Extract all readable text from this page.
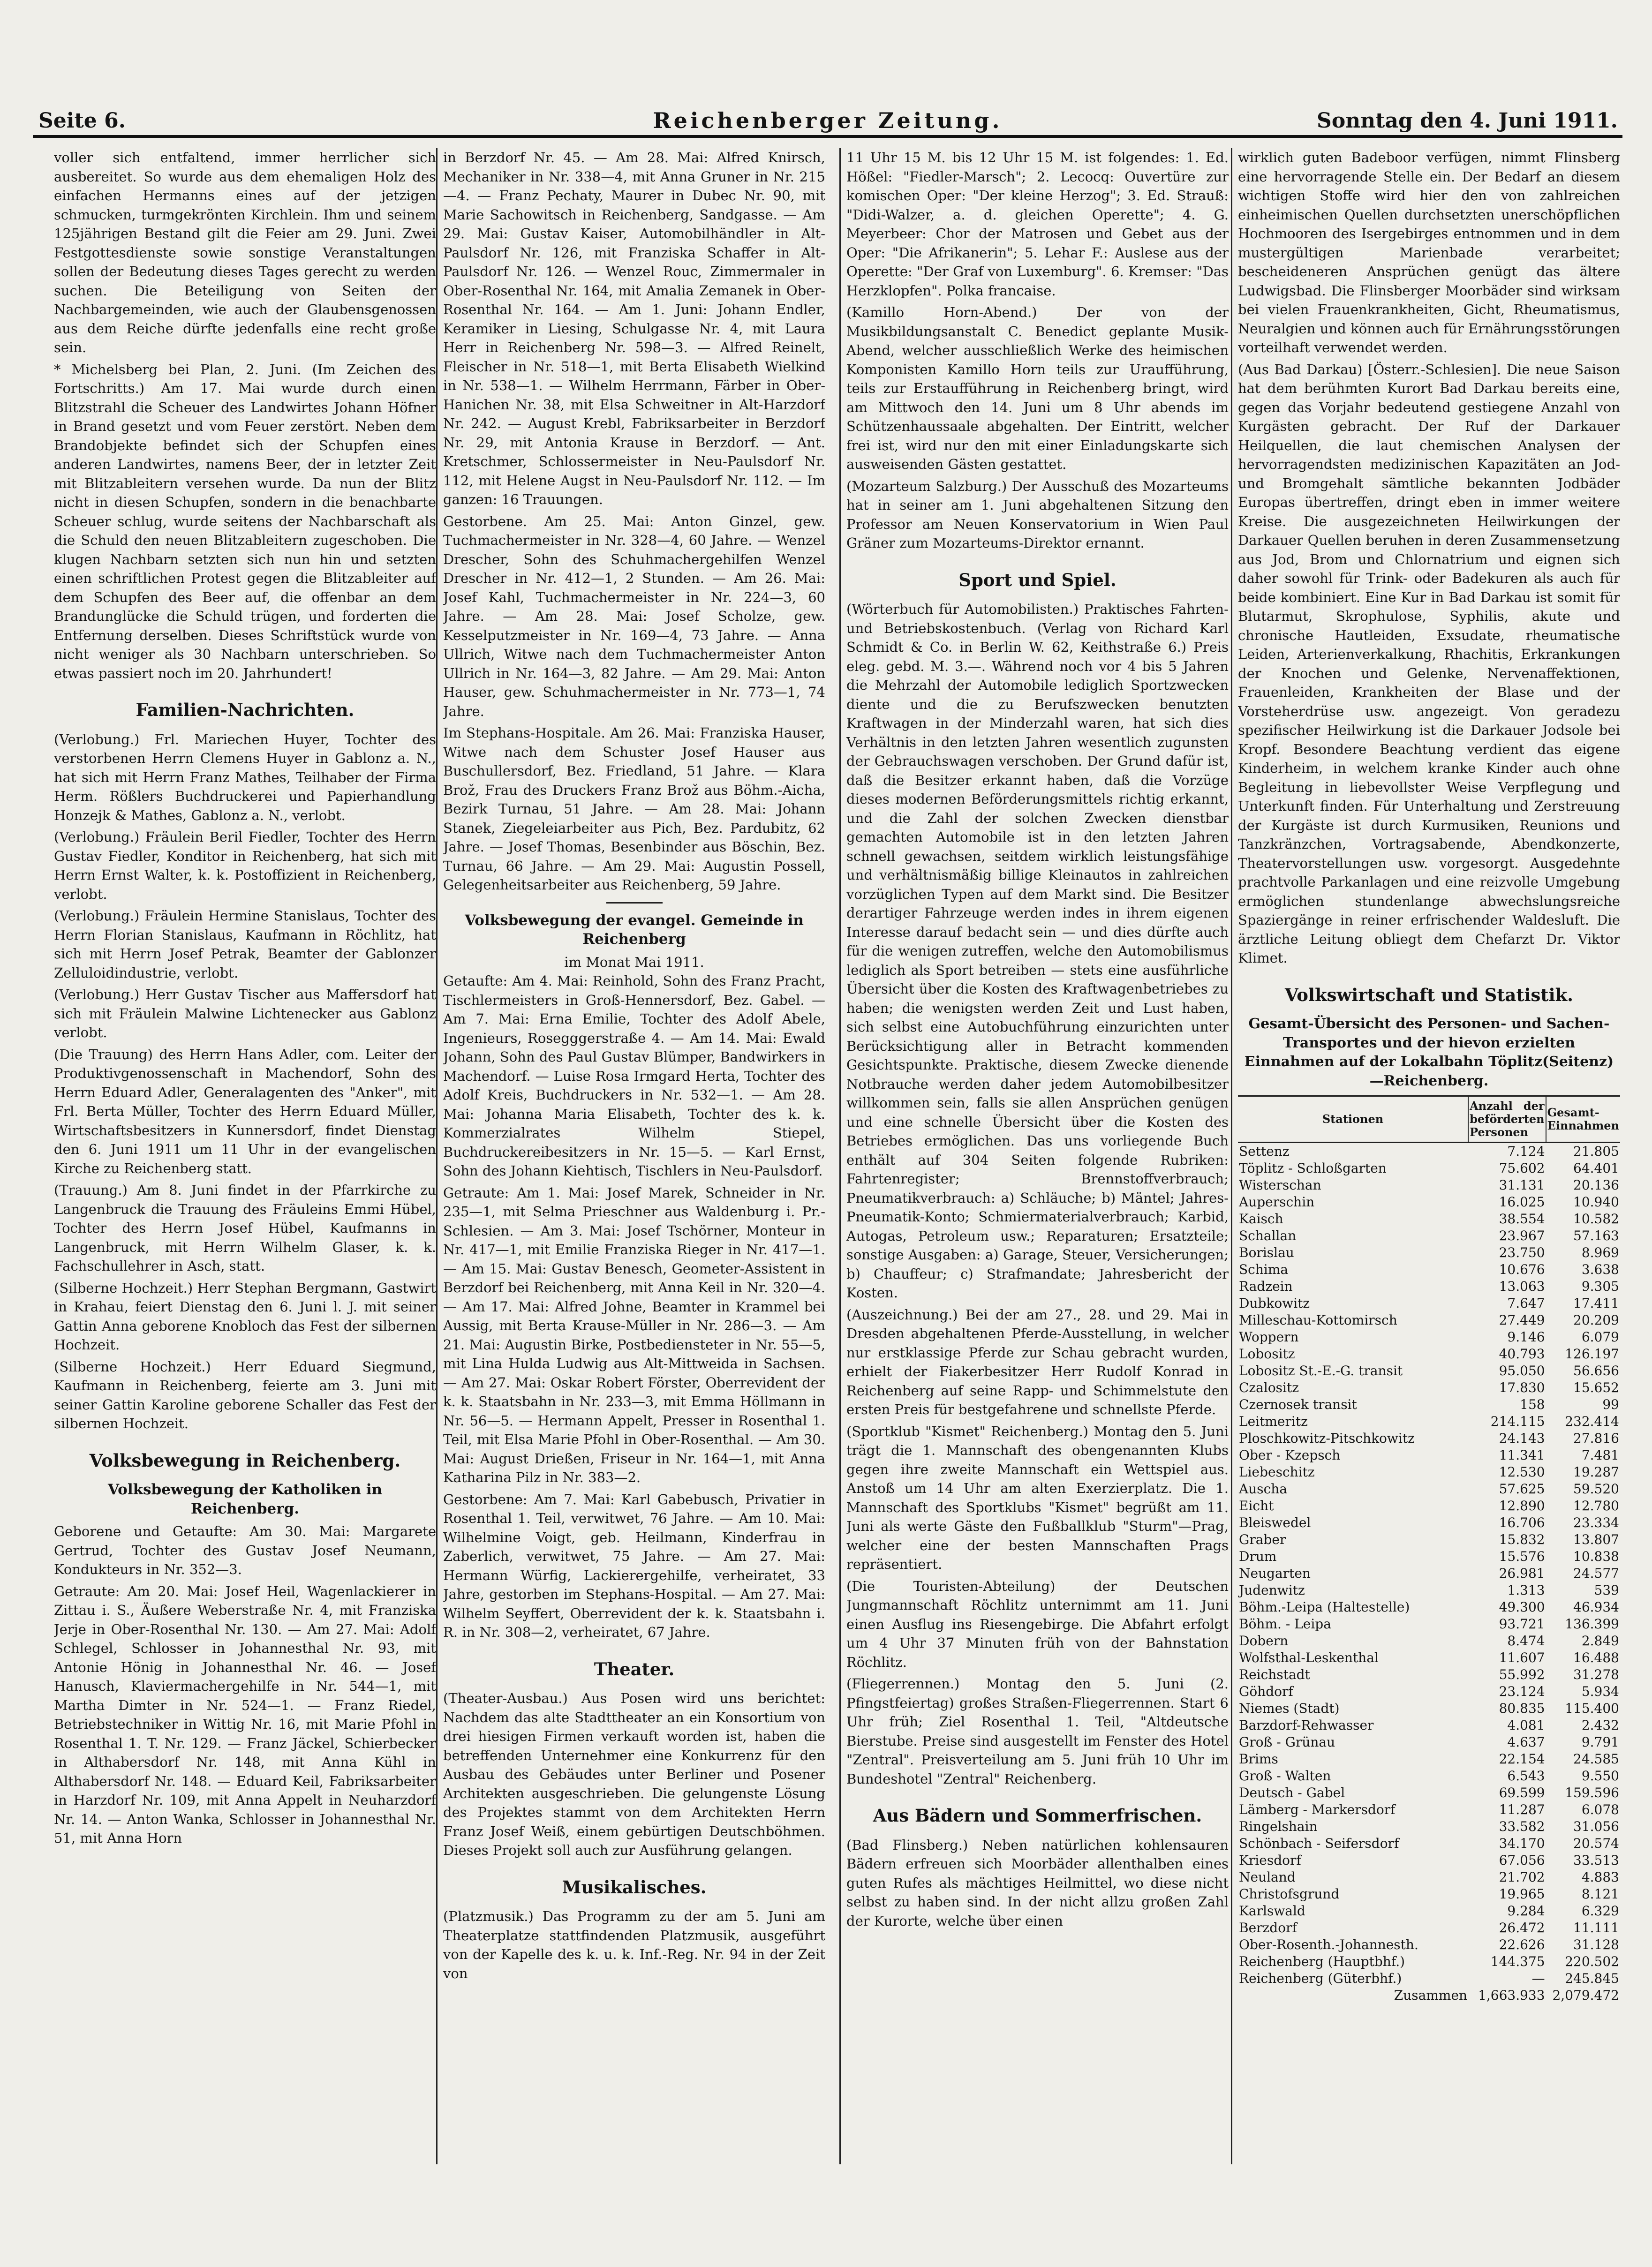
Seite 6.	Reichenberger Zeitung.	Sonntag den 4. Juni 1911.

voller sich entfaltend, immer herrlicher sich ausbereitet. So wurde aus dem ehemaligen Holz des einfachen Hermanns eines auf der jetzigen schmucken, turmgekrönten Kirchlein. Ihm und seinem 125jährigen Bestand gilt die Feier am 29. Juni. Zwei Festgottesdienste sowie sonstige Veranstaltungen sollen der Bedeutung dieses Tages gerecht zu werden suchen. Die Beteiligung von Seiten der Nachbargemeinden, wie auch der Glaubensgenossen aus dem Reiche dürfte jedenfalls eine recht große sein.

* Michelsberg bei Plan, 2. Juni. (Im Zeichen des Fortschritts.) Am 17. Mai wurde durch einen Blitzstrahl die Scheuer des Landwirtes Johann Höfner in Brand gesetzt und vom Feuer zerstört. Neben dem Brandobjekte befindet sich der Schupfen eines anderen Landwirtes, namens Beer, der in letzter Zeit mit Blitzableitern versehen wurde. Da nun der Blitz nicht in diesen Schupfen, sondern in die benachbarte Scheuer schlug, wurde seitens der Nachbarschaft als die Schuld den neuen Blitzableitern zugeschoben. Die klugen Nachbarn setzten sich nun hin und setzten einen schriftlichen Protest gegen die Blitzableiter auf dem Schupfen des Beer auf, die offenbar an dem Brandunglücke die Schuld trügen, und forderten die Entfernung derselben. Dieses Schriftstück wurde von nicht weniger als 30 Nachbarn unterschrieben. So etwas passiert noch im 20. Jahrhundert!

Familien-Nachrichten.

(Verlobung.) Frl. Mariechen Huyer, Tochter des verstorbenen Herrn Clemens Huyer in Gablonz a. N., hat sich mit Herrn Franz Mathes, Teilhaber der Firma Herm. Rößlers Buchdruckerei und Papierhandlung Honzejk & Mathes, Gablonz a. N., verlobt.

(Verlobung.) Fräulein Beril Fiedler, Tochter des Herrn Gustav Fiedler, Konditor in Reichenberg, hat sich mit Herrn Ernst Walter, k. k. Postoffizient in Reichenberg, verlobt.

(Verlobung.) Fräulein Hermine Stanislaus, Tochter des Herrn Florian Stanislaus, Kaufmann in Röchlitz, hat sich mit Herrn Josef Petrak, Beamter der Gablonzer Zelluloidindustrie, verlobt.

(Verlobung.) Herr Gustav Tischer aus Maffersdorf hat sich mit Fräulein Malwine Lichtenecker aus Gablonz verlobt.

(Die Trauung) des Herrn Hans Adler, com. Leiter der Produktivgenossenschaft in Machendorf, Sohn des Herrn Eduard Adler, Generalagenten des "Anker", mit Frl. Berta Müller, Tochter des Herrn Eduard Müller, Wirtschaftsbesitzers in Kunnersdorf, findet Dienstag den 6. Juni 1911 um 11 Uhr in der evangelischen Kirche zu Reichenberg statt.

(Trauung.) Am 8. Juni findet in der Pfarrkirche zu Langenbruck die Trauung des Fräuleins Emmi Hübel, Tochter des Herrn Josef Hübel, Kaufmanns in Langenbruck, mit Herrn Wilhelm Glaser, k. k. Fachschullehrer in Asch, statt.

(Silberne Hochzeit.) Herr Stephan Bergmann, Gastwirt in Krahau, feiert Dienstag den 6. Juni l. J. mit seiner Gattin Anna geborene Knobloch das Fest der silbernen Hochzeit.

(Silberne Hochzeit.) Herr Eduard Siegmund, Kaufmann in Reichenberg, feierte am 3. Juni mit seiner Gattin Karoline geborene Schaller das Fest der silbernen Hochzeit.

Volksbewegung in Reichenberg.
Volksbewegung der Katholiken in Reichenberg.

Geborene und Getaufte: Am 30. Mai: Margarete Gertrud, Tochter des Gustav Josef Neumann, Kondukteurs in Nr. 352—3.

Getraute: Am 20. Mai: Josef Heil, Wagenlackierer in Zittau i. S., Äußere Weberstraße Nr. 4, mit Franziska Jerje in Ober-Rosenthal Nr. 130. — Am 27. Mai: Adolf Schlegel, Schlosser in Johannesthal Nr. 93, mit Antonie Hönig in Johannesthal Nr. 46. — Josef Hanusch, Klaviermachergehilfe in Nr. 544—1, mit Martha Dimter in Nr. 524—1. — Franz Riedel, Betriebstechniker in Wittig Nr. 16, mit Marie Pfohl in Rosenthal 1. T. Nr. 129. — Franz Jäckel, Schierbecker in Althabersdorf Nr. 148, mit Anna Kühl in Althabersdorf Nr. 148. — Eduard Keil, Fabriksarbeiter in Harzdorf Nr. 109, mit Anna Appelt in Neuharzdorf Nr. 14. — Anton Wanka, Schlosser in Johannesthal Nr. 51, mit Anna Horn

in Berzdorf Nr. 45. — Am 28. Mai: Alfred Knirsch, Mechaniker in Nr. 338—4, mit Anna Gruner in Nr. 215—4. — Franz Pechaty, Maurer in Dubec Nr. 90, mit Marie Sachowitsch in Reichenberg, Sandgasse. — Am 29. Mai: Gustav Kaiser, Automobilhändler in Alt-Paulsdorf Nr. 126, mit Franziska Schaffer in Alt-Paulsdorf Nr. 126. — Wenzel Rouc, Zimmermaler in Ober-Rosenthal Nr. 164, mit Amalia Zemanek in Ober-Rosenthal Nr. 164. — Am 1. Juni: Johann Endler, Keramiker in Liesing, Schulgasse Nr. 4, mit Laura Herr in Reichenberg Nr. 598—3. — Alfred Reinelt, Fleischer in Nr. 518—1, mit Berta Elisabeth Wielkind in Nr. 538—1. — Wilhelm Herrmann, Färber in Ober-Hanichen Nr. 38, mit Elsa Schweitner in Alt-Harzdorf Nr. 242. — August Krebl, Fabriksarbeiter in Berzdorf Nr. 29, mit Antonia Krause in Berzdorf. — Ant. Kretschmer, Schlossermeister in Neu-Paulsdorf Nr. 112, mit Helene Augst in Neu-Paulsdorf Nr. 112. — Im ganzen: 16 Trauungen.

Gestorbene. Am 25. Mai: Anton Ginzel, gew. Tuchmachermeister in Nr. 328—4, 60 Jahre. — Wenzel Drescher, Sohn des Schuhmachergehilfen Wenzel Drescher in Nr. 412—1, 2 Stunden. — Am 26. Mai: Josef Kahl, Tuchmachermeister in Nr. 224—3, 60 Jahre. — Am 28. Mai: Josef Scholze, gew. Kesselputzmeister in Nr. 169—4, 73 Jahre. — Anna Ullrich, Witwe nach dem Tuchmachermeister Anton Ullrich in Nr. 164—3, 82 Jahre. — Am 29. Mai: Anton Hauser, gew. Schuhmachermeister in Nr. 773—1, 74 Jahre.

Im Stephans-Hospitale. Am 26. Mai: Franziska Hauser, Witwe nach dem Schuster Josef Hauser aus Buschullersdorf, Bez. Friedland, 51 Jahre. — Klara Brož, Frau des Druckers Franz Brož aus Böhm.-Aicha, Bezirk Turnau, 51 Jahre. — Am 28. Mai: Johann Stanek, Ziegeleiarbeiter aus Pich, Bez. Pardubitz, 62 Jahre. — Josef Thomas, Besenbinder aus Böschin, Bez. Turnau, 66 Jahre. — Am 29. Mai: Augustin Possell, Gelegenheitsarbeiter aus Reichenberg, 59 Jahre.

Volksbewegung der evangel. Gemeinde in Reichenberg
im Monat Mai 1911.

Getaufte: Am 4. Mai: Reinhold, Sohn des Franz Pracht, Tischlermeisters in Groß-Hennersdorf, Bez. Gabel. — Am 7. Mai: Erna Emilie, Tochter des Adolf Abele, Ingenieurs, Rosegggerstraße 4. — Am 14. Mai: Ewald Johann, Sohn des Paul Gustav Blümper, Bandwirkers in Machendorf. — Luise Rosa Irmgard Herta, Tochter des Adolf Kreis, Buchdruckers in Nr. 532—1. — Am 28. Mai: Johanna Maria Elisabeth, Tochter des k. k. Kommerzialrates Wilhelm Stiepel, Buchdruckereibesitzers in Nr. 15—5. — Karl Ernst, Sohn des Johann Kiehtisch, Tischlers in Neu-Paulsdorf.

Getraute: Am 1. Mai: Josef Marek, Schneider in Nr. 235—1, mit Selma Prieschner aus Waldenburg i. Pr.-Schlesien. — Am 3. Mai: Josef Tschörner, Monteur in Nr. 417—1, mit Emilie Franziska Rieger in Nr. 417—1. — Am 15. Mai: Gustav Benesch, Geometer-Assistent in Berzdorf bei Reichenberg, mit Anna Keil in Nr. 320—4. — Am 17. Mai: Alfred Johne, Beamter in Krammel bei Aussig, mit Berta Krause-Müller in Nr. 286—3. — Am 21. Mai: Augustin Birke, Postbediensteter in Nr. 55—5, mit Lina Hulda Ludwig aus Alt-Mittweida in Sachsen. — Am 27. Mai: Oskar Robert Förster, Oberrevident der k. k. Staatsbahn in Nr. 233—3, mit Emma Höllmann in Nr. 56—5. — Hermann Appelt, Presser in Rosenthal 1. Teil, mit Elsa Marie Pfohl in Ober-Rosenthal. — Am 30. Mai: August Drießen, Friseur in Nr. 164—1, mit Anna Katharina Pilz in Nr. 383—2.

Gestorbene: Am 7. Mai: Karl Gabebusch, Privatier in Rosenthal 1. Teil, verwitwet, 76 Jahre. — Am 10. Mai: Wilhelmine Voigt, geb. Heilmann, Kinderfrau in Zaberlich, verwitwet, 75 Jahre. — Am 27. Mai: Hermann Würfig, Lackierergehilfe, verheiratet, 33 Jahre, gestorben im Stephans-Hospital. — Am 27. Mai: Wilhelm Seyffert, Oberrevident der k. k. Staatsbahn i. R. in Nr. 308—2, verheiratet, 67 Jahre.

Theater.

(Theater-Ausbau.) Aus Posen wird uns berichtet: Nachdem das alte Stadttheater an ein Konsortium von drei hiesigen Firmen verkauft worden ist, haben die betreffenden Unternehmer eine Konkurrenz für den Ausbau des Gebäudes unter Berliner und Posener Architekten ausgeschrieben. Die gelungenste Lösung des Projektes stammt von dem Architekten Herrn Franz Josef Weiß, einem gebürtigen Deutschböhmen. Dieses Projekt soll auch zur Ausführung gelangen.

Musikalisches.

(Platzmusik.) Das Programm zu der am 5. Juni am Theaterplatze stattfindenden Platzmusik, ausgeführt von der Kapelle des k. u. k. Inf.-Reg. Nr. 94 in der Zeit von

11 Uhr 15 M. bis 12 Uhr 15 M. ist folgendes: 1. Ed. Hößel: "Fiedler-Marsch"; 2. Lecocq: Ouvertüre zur komischen Oper: "Der kleine Herzog"; 3. Ed. Strauß: "Didi-Walzer, a. d. gleichen Operette"; 4. G. Meyerbeer: Chor der Matrosen und Gebet aus der Oper: "Die Afrikanerin"; 5. Lehar F.: Auslese aus der Operette: "Der Graf von Luxemburg". 6. Kremser: "Das Herzklopfen". Polka francaise.

(Kamillo Horn-Abend.) Der von der Musikbildungsanstalt C. Benedict geplante Musik-Abend, welcher ausschließlich Werke des heimischen Komponisten Kamillo Horn teils zur Uraufführung, teils zur Erstaufführung in Reichenberg bringt, wird am Mittwoch den 14. Juni um 8 Uhr abends im Schützenhaussaale abgehalten. Der Eintritt, welcher frei ist, wird nur den mit einer Einladungskarte sich ausweisenden Gästen gestattet.

(Mozarteum Salzburg.) Der Ausschuß des Mozarteums hat in seiner am 1. Juni abgehaltenen Sitzung den Professor am Neuen Konservatorium in Wien Paul Gräner zum Mozarteums-Direktor ernannt.

Sport und Spiel.

(Wörterbuch für Automobilisten.) Praktisches Fahrten- und Betriebskostenbuch. (Verlag von Richard Karl Schmidt & Co. in Berlin W. 62, Keithstraße 6.) Preis eleg. gebd. M. 3.—. Während noch vor 4 bis 5 Jahren die Mehrzahl der Automobile lediglich Sportzwecken diente und die zu Berufszwecken benutzten Kraftwagen in der Minderzahl waren, hat sich dies Verhältnis in den letzten Jahren wesentlich zugunsten der Gebrauchswagen verschoben. Der Grund dafür ist, daß die Besitzer erkannt haben, daß die Vorzüge dieses modernen Beförderungsmittels richtig erkannt, und die Zahl der solchen Zwecken dienstbar gemachten Automobile ist in den letzten Jahren schnell gewachsen, seitdem wirklich leistungsfähige und verhältnismäßig billige Kleinautos in zahlreichen vorzüglichen Typen auf dem Markt sind. Die Besitzer derartiger Fahrzeuge werden indes in ihrem eigenen Interesse darauf bedacht sein — und dies dürfte auch für die wenigen zutreffen, welche den Automobilismus lediglich als Sport betreiben — stets eine ausführliche Übersicht über die Kosten des Kraftwagenbetriebes zu haben; die wenigsten werden Zeit und Lust haben, sich selbst eine Autobuchführung einzurichten unter Berücksichtigung aller in Betracht kommenden Gesichtspunkte. Praktische, diesem Zwecke dienende Notbrauche werden daher jedem Automobilbesitzer willkommen sein, falls sie allen Ansprüchen genügen und eine schnelle Übersicht über die Kosten des Betriebes ermöglichen. Das uns vorliegende Buch enthält auf 304 Seiten folgende Rubriken: Fahrtenregister; Brennstoffverbrauch; Pneumatikverbrauch: a) Schläuche; b) Mäntel; Jahres-Pneumatik-Konto; Schmiermaterialverbrauch; Karbid, Autogas, Petroleum usw.; Reparaturen; Ersatzteile; sonstige Ausgaben: a) Garage, Steuer, Versicherungen; b) Chauffeur; c) Strafmandate; Jahresbericht der Kosten.

(Auszeichnung.) Bei der am 27., 28. und 29. Mai in Dresden abgehaltenen Pferde-Ausstellung, in welcher nur erstklassige Pferde zur Schau gebracht wurden, erhielt der Fiakerbesitzer Herr Rudolf Konrad in Reichenberg auf seine Rapp- und Schimmelstute den ersten Preis für bestgefahrene und schnellste Pferde.

(Sportklub "Kismet" Reichenberg.) Montag den 5. Juni trägt die 1. Mannschaft des obengenannten Klubs gegen ihre zweite Mannschaft ein Wettspiel aus. Anstoß um 14 Uhr am alten Exerzierplatz. Die 1. Mannschaft des Sportklubs "Kismet" begrüßt am 11. Juni als werte Gäste den Fußballklub "Sturm"—Prag, welcher eine der besten Mannschaften Prags repräsentiert.

(Die Touristen-Abteilung) der Deutschen Jungmannschaft Röchlitz unternimmt am 11. Juni einen Ausflug ins Riesengebirge. Die Abfahrt erfolgt um 4 Uhr 37 Minuten früh von der Bahnstation Röchlitz.

(Fliegerrennen.) Montag den 5. Juni (2. Pfingstfeiertag) großes Straßen-Fliegerrennen. Start 6 Uhr früh; Ziel Rosenthal 1. Teil, "Altdeutsche Bierstube. Preise sind ausgestellt im Fenster des Hotel "Zentral". Preisverteilung am 5. Juni früh 10 Uhr im Bundeshotel "Zentral" Reichenberg.

Aus Bädern und Sommerfrischen.

(Bad Flinsberg.) Neben natürlichen kohlensauren Bädern erfreuen sich Moorbäder allenthalben eines guten Rufes als mächtiges Heilmittel, wo diese nicht selbst zu haben sind. In der nicht allzu großen Zahl der Kurorte, welche über einen

wirklich guten Badeboor verfügen, nimmt Flinsberg eine hervorragende Stelle ein. Der Bedarf an diesem wichtigen Stoffe wird hier den von zahlreichen einheimischen Quellen durchsetzten unerschöpflichen Hochmooren des Isergebirges entnommen und in dem mustergültigen Marienbade verarbeitet; bescheideneren Ansprüchen genügt das ältere Ludwigsbad. Die Flinsberger Moorbäder sind wirksam bei vielen Frauenkrankheiten, Gicht, Rheumatismus, Neuralgien und können auch für Ernährungsstörungen vorteilhaft verwendet werden.

(Aus Bad Darkau) [Österr.-Schlesien]. Die neue Saison hat dem berühmten Kurort Bad Darkau bereits eine, gegen das Vorjahr bedeutend gestiegene Anzahl von Kurgästen gebracht. Der Ruf der Darkauer Heilquellen, die laut chemischen Analysen der hervorragendsten medizinischen Kapazitäten an Jod- und Bromgehalt sämtliche bekannten Jodbäder Europas übertreffen, dringt eben in immer weitere Kreise. Die ausgezeichneten Heilwirkungen der Darkauer Quellen beruhen in deren Zusammensetzung aus Jod, Brom und Chlornatrium und eignen sich daher sowohl für Trink- oder Badekuren als auch für beide kombiniert. Eine Kur in Bad Darkau ist somit für Blutarmut, Skrophulose, Syphilis, akute und chronische Hautleiden, Exsudate, rheumatische Leiden, Arterienverkalkung, Rhachitis, Erkrankungen der Knochen und Gelenke, Nervenaffektionen, Frauenleiden, Krankheiten der Blase und der Vorsteherdrüse usw. angezeigt. Von geradezu spezifischer Heilwirkung ist die Darkauer Jodsole bei Kropf. Besondere Beachtung verdient das eigene Kinderheim, in welchem kranke Kinder auch ohne Begleitung in liebevollster Weise Verpflegung und Unterkunft finden. Für Unterhaltung und Zerstreuung der Kurgäste ist durch Kurmusiken, Reunions und Tanzkränzchen, Vortragsabende, Abendkonzerte, Theatervorstellungen usw. vorgesorgt. Ausgedehnte prachtvolle Parkanlagen und eine reizvolle Umgebung ermöglichen stundenlange abwechslungsreiche Spaziergänge in reiner erfrischender Waldesluft. Die ärztliche Leitung obliegt dem Chefarzt Dr. Viktor Klimet.

Volkswirtschaft und Statistik.
Gesamt-Übersicht des Personen- und Sachen-Transportes und der hievon erzielten Einnahmen auf der Lokalbahn Töplitz(Seitenz)—Reichenberg.
Stationen	Anzahl der beförderten Personen	Gesamt-Einnahmen
Settenz	7.124	21.805
Töplitz - Schloßgarten	75.602	64.401
Wisterschan	31.131	20.136
Auperschin	16.025	10.940
Kaisch	38.554	10.582
Schallan	23.967	57.163
Borislau	23.750	8.969
Schima	10.676	3.638
Radzein	13.063	9.305
Dubkowitz	7.647	17.411
Milleschau-Kottomirsch	27.449	20.209
Woppern	9.146	6.079
Lobositz	40.793	126.197
Lobositz St.-E.-G. transit	95.050	56.656
Czalositz	17.830	15.652
Czernosek transit	158	99
Leitmeritz	214.115	232.414
Ploschkowitz-Pitschkowitz	24.143	27.816
Ober - Kzepsch	11.341	7.481
Liebeschitz	12.530	19.287
Auscha	57.625	59.520
Eicht	12.890	12.780
Bleiswedel	16.706	23.334
Graber	15.832	13.807
Drum	15.576	10.838
Neugarten	26.981	24.577
Judenwitz	1.313	539
Böhm.-Leipa (Haltestelle)	49.300	46.934
Böhm. - Leipa	93.721	136.399
Dobern	8.474	2.849
Wolfsthal-Leskenthal	11.607	16.488
Reichstadt	55.992	31.278
Göhdorf	23.124	5.934
Niemes (Stadt)	80.835	115.400
Barzdorf-Rehwasser	4.081	2.432
Groß - Grünau	4.637	9.791
Brims	22.154	24.585
Groß - Walten	6.543	9.550
Deutsch - Gabel	69.599	159.596
Lämberg - Markersdorf	11.287	6.078
Ringelshain	33.582	31.056
Schönbach - Seifersdorf	34.170	20.574
Kriesdorf	67.056	33.513
Neuland	21.702	4.883
Christofsgrund	19.965	8.121
Karlswald	9.284	6.329
Berzdorf	26.472	11.111
Ober-Rosenth.-Johannesth.	22.626	31.128
Reichenberg (Hauptbhf.)	144.375	220.502
Reichenberg (Güterbhf.)	—	245.845
Zusammen	1,663.933	2,079.472
